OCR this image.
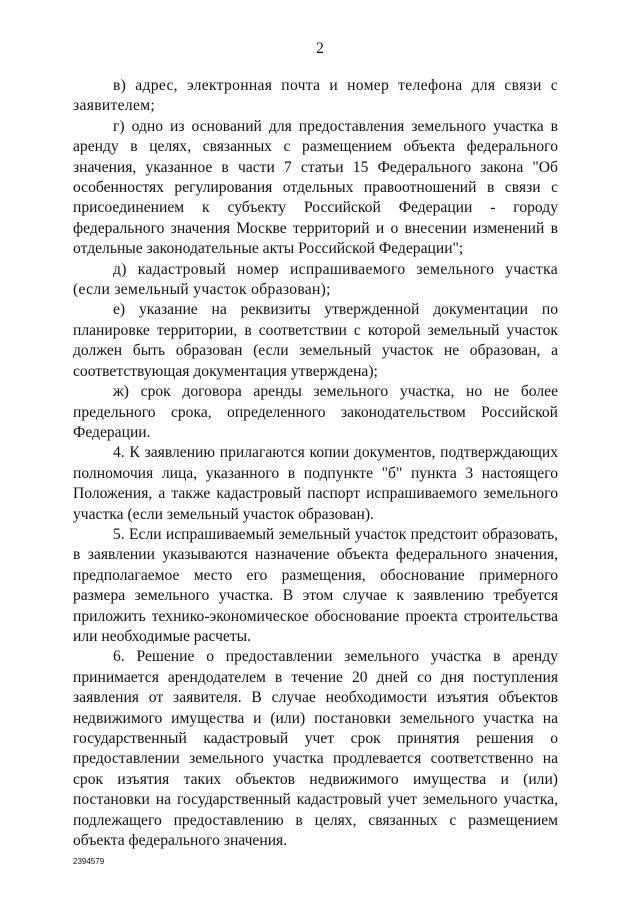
2

в) адрес, электронная почта и номер телефона для связи с заявителем;

г) одно из оснований для предоставления земельного участка в аренду в целях, связанных с размещением объекта федерального значения, указанное в части 7 статьи 15 Федерального закона "Об особенностях регулирования отдельных правоотношений в связи с присоединением к субъекту Российской Федерации - городу федерального значения Москве территорий и о внесении изменений в отдельные законодательные акты Российской Федерации";

д) кадастровый номер испрашиваемого земельного участка (если земельный участок образован);

е) указание на реквизиты утвержденной документации по планировке территории, в соответствии с которой земельный участок должен быть образован (если земельный участок не образован, а соответствующая документация утверждена);

ж) срок договора аренды земельного участка, но не более предельного срока, определенного законодательством Российской Федерации.

4. К заявлению прилагаются копии документов, подтверждающих полномочия лица, указанного в подпункте "б" пункта 3 настоящего Положения, а также кадастровый паспорт испрашиваемого земельного участка (если земельный участок образован).

5. Если испрашиваемый земельный участок предстоит образовать, в заявлении указываются назначение объекта федерального значения, предполагаемое место его размещения, обоснование примерного размера земельного участка. В этом случае к заявлению требуется приложить технико-экономическое обоснование проекта строительства или необходимые расчеты.

6. Решение о предоставлении земельного участка в аренду принимается арендодателем в течение 20 дней со дня поступления заявления от заявителя. В случае необходимости изъятия объектов недвижимого имущества и (или) постановки земельного участка на государственный кадастровый учет срок принятия решения о предоставлении земельного участка продлевается соответственно на срок изъятия таких объектов недвижимого имущества и (или) постановки на государственный кадастровый учет земельного участка, подлежащего предоставлению в целях, связанных с размещением объекта федерального значения.

2394579
